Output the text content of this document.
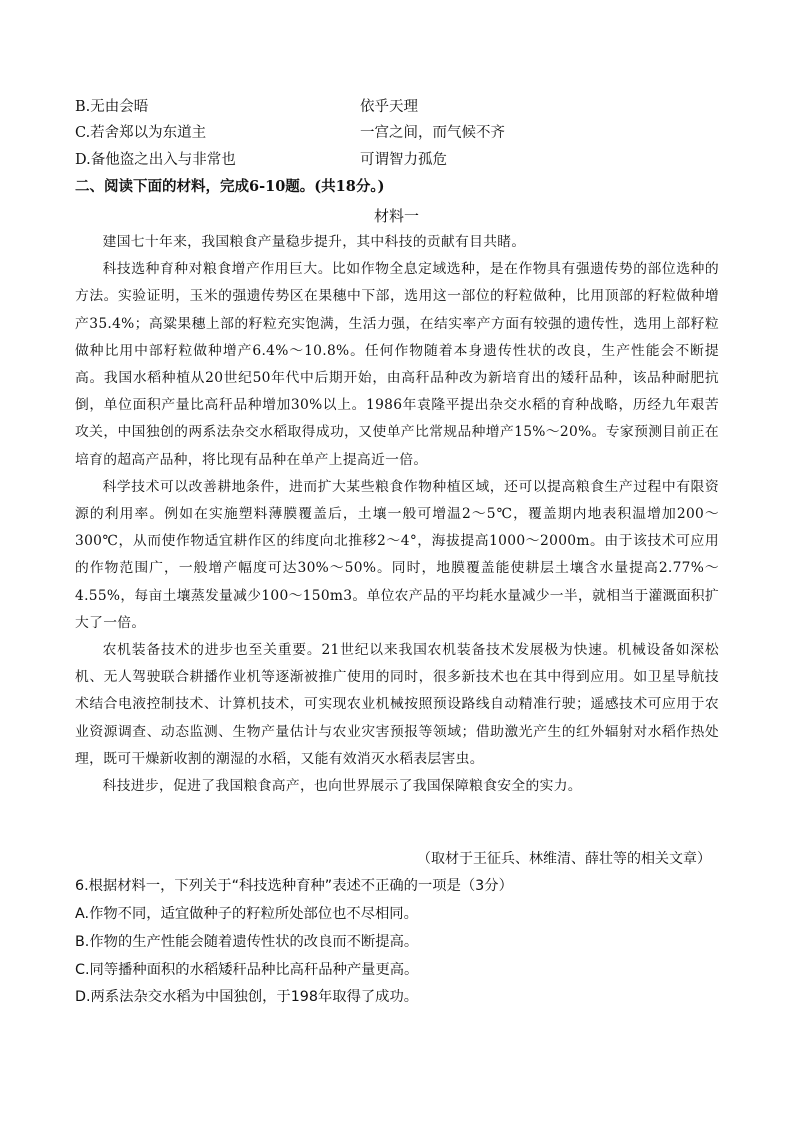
B.无由会晤	依乎天理
C.若舍郑以为东道主	一宫之间，而气候不齐
D.备他盗之出入与非常也	可谓智力孤危
二、阅读下面的材料，完成6-10题。(共18分。)
材料一

建国七十年来，我国粮食产量稳步提升，其中科技的贡献有目共睹。

科技选种育种对粮食增产作用巨大。比如作物全息定域选种，是在作物具有强遗传势的部位选种的方法。实验证明，玉米的强遗传势区在果穗中下部，选用这一部位的籽粒做种，比用顶部的籽粒做种增产35.4%；高粱果穗上部的籽粒充实饱满，生活力强，在结实率产方面有较强的遗传性，选用上部籽粒做种比用中部籽粒做种增产6.4%～10.8%。任何作物随着本身遗传性状的改良，生产性能会不断提高。我国水稻种植从20世纪50年代中后期开始，由高秆品种改为新培育出的矮秆品种，该品种耐肥抗倒，单位面积产量比高秆品种增加30%以上。1986年袁隆平提出杂交水稻的育种战略，历经九年艰苦攻关，中国独创的两系法杂交水稻取得成功，又使单产比常规品种增产15%～20%。专家预测目前正在培育的超高产品种，将比现有品种在单产上提高近一倍。

科学技术可以改善耕地条件，进而扩大某些粮食作物种植区域，还可以提高粮食生产过程中有限资源的利用率。例如在实施塑料薄膜覆盖后，土壤一般可增温2～5℃，覆盖期内地表积温增加200～300℃，从而使作物适宜耕作区的纬度向北推移2～4°，海拔提高1000～2000m。由于该技术可应用的作物范围广，一般增产幅度可达30%～50%。同时，地膜覆盖能使耕层土壤含水量提高2.77%～4.55%，每亩土壤蒸发量减少100～150m3。单位农产品的平均耗水量减少一半，就相当于灌溉面积扩大了一倍。

农机装备技术的进步也至关重要。21世纪以来我国农机装备技术发展极为快速。机械设备如深松机、无人驾驶联合耕播作业机等逐渐被推广使用的同时，很多新技术也在其中得到应用。如卫星导航技术结合电液控制技术、计算机技术，可实现农业机械按照预设路线自动精准行驶；遥感技术可应用于农业资源调查、动态监测、生物产量估计与农业灾害预报等领域；借助激光产生的红外辐射对水稻作热处理，既可干燥新收割的潮湿的水稻，又能有效消灭水稻表层害虫。

科技进步，促进了我国粮食高产，也向世界展示了我国保障粮食安全的实力。

（取材于王征兵、林维清、薛壮等的相关文章）
6.根据材料一，下列关于“科技选种育种”表述不正确的一项是（3分）
A.作物不同，适宜做种子的籽粒所处部位也不尽相同。
B.作物的生产性能会随着遗传性状的改良而不断提高。
C.同等播种面积的水稻矮秆品种比高秆品种产量更高。
D.两系法杂交水稻为中国独创，于198年取得了成功。
